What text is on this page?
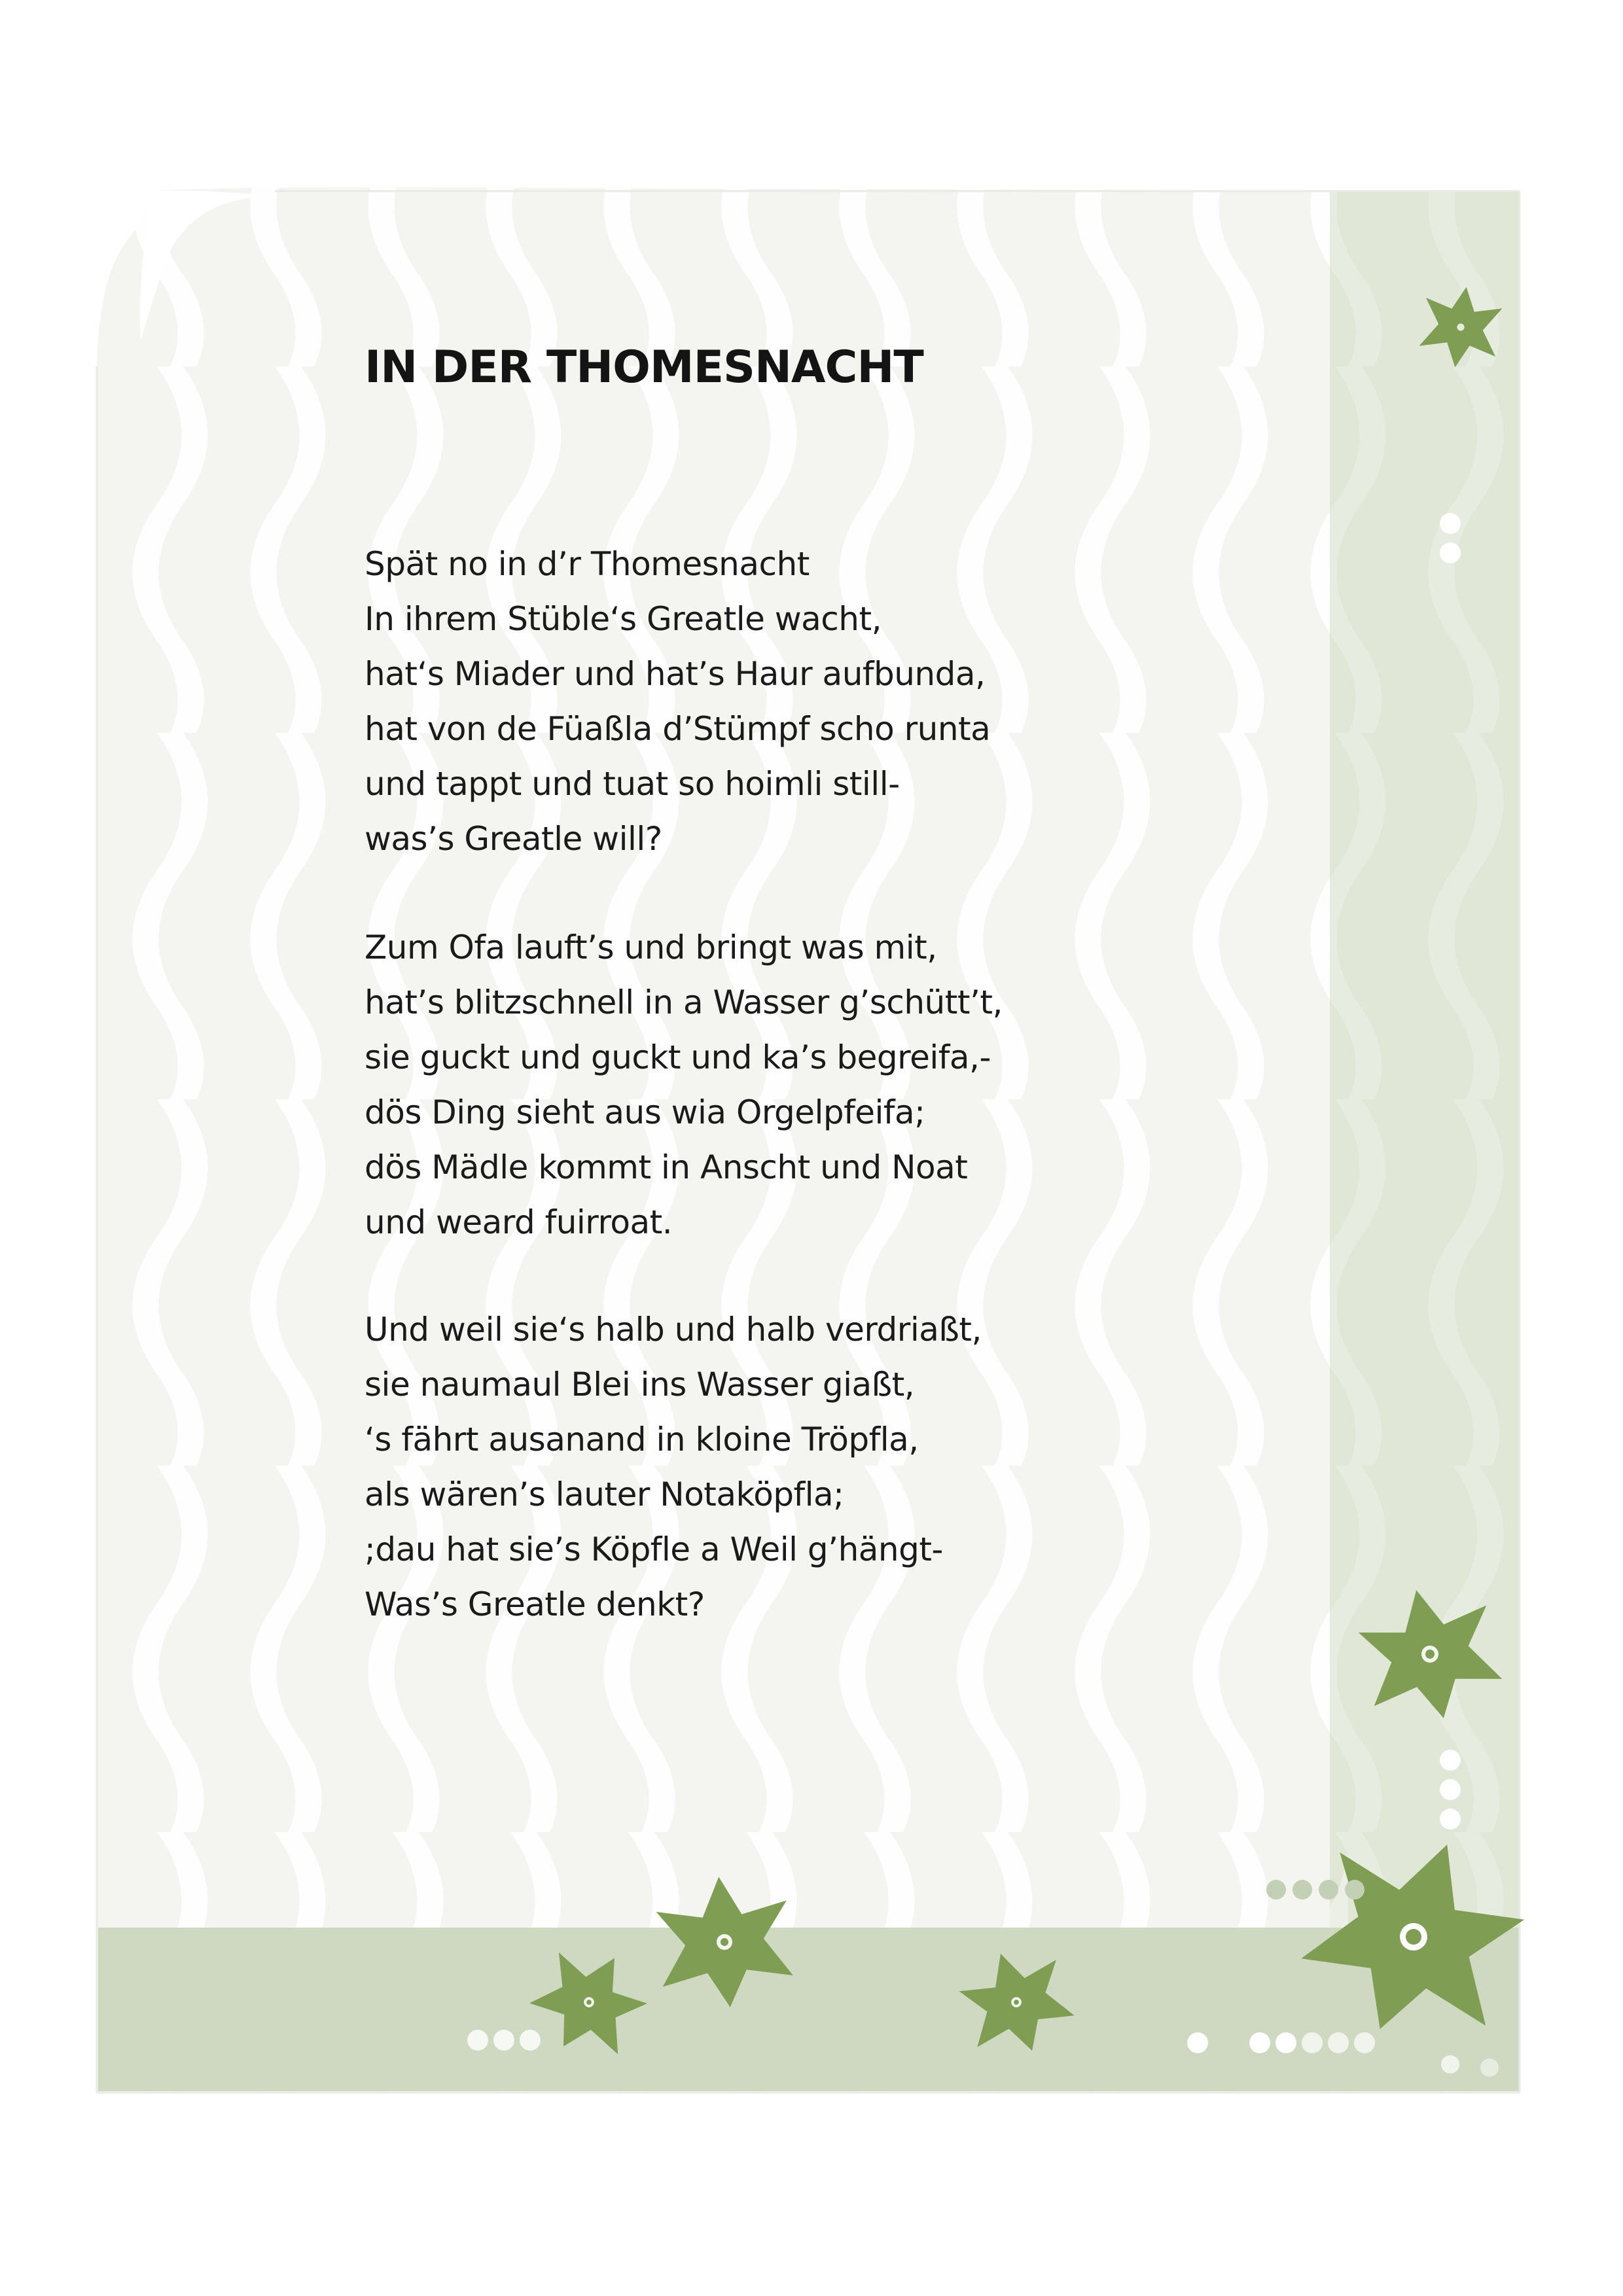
IN DER THOMESNACHT
Spät no in d’r Thomesnacht
In ihrem Stüble‘s Greatle wacht,
hat‘s Miader und hat’s Haur aufbunda,
hat von de Füaßla d’Stümpf scho runta
und tappt und tuat so hoimli still-
was’s Greatle will?
Zum Ofa lauft’s und bringt was mit,
hat’s blitzschnell in a Wasser g’schütt’t,
sie guckt und guckt und ka’s begreifa,-
dös Ding sieht aus wia Orgelpfeifa;
dös Mädle kommt in Anscht und Noat
und weard fuirroat.
Und weil sie‘s halb und halb verdriaßt,
sie naumaul Blei ins Wasser giaßt,
‘s fährt ausanand in kloine Tröpfla,
als wären’s lauter Notaköpfla;
;dau hat sie’s Köpfle a Weil g’hängt-
Was’s Greatle denkt?
